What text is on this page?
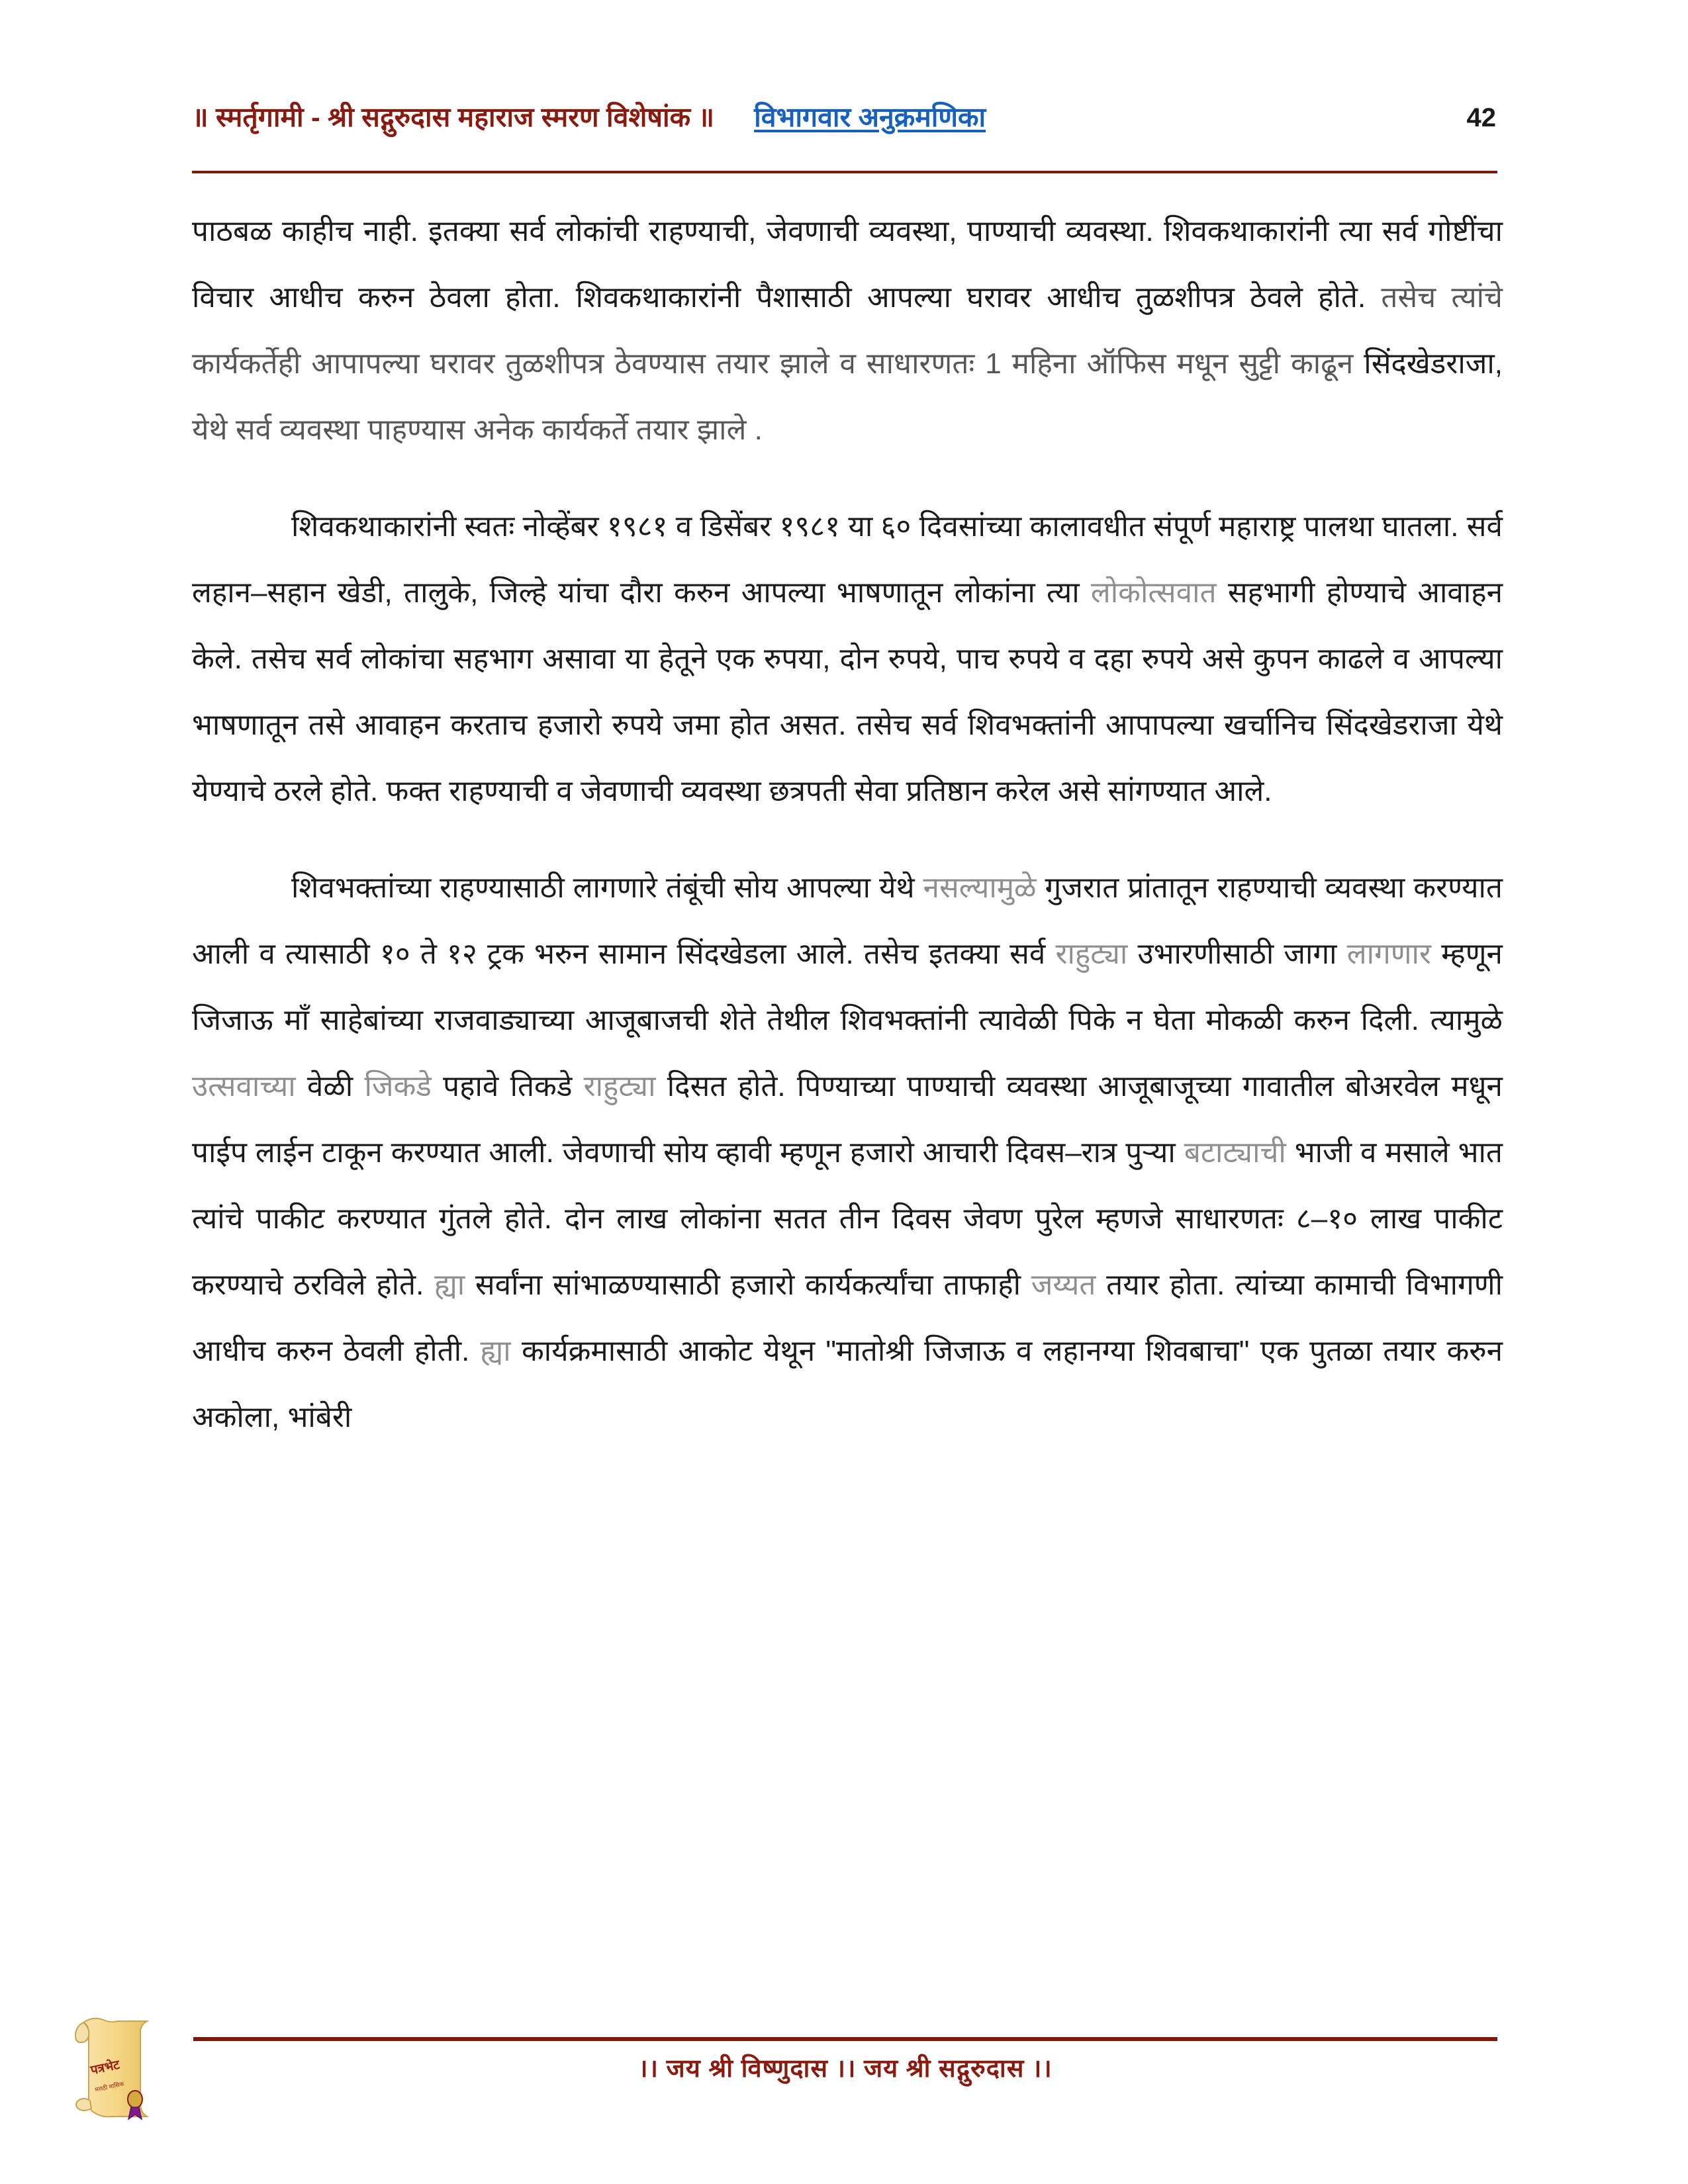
॥ स्मर्तृगामी - श्री सद्गुरुदास महाराज स्मरण विशेषांक ॥ विभागवार अनुक्रमणिका	42

पाठबळ काहीच नाही. इतक्या सर्व लोकांची राहण्याची, जेवणाची व्यवस्था, पाण्याची व्यवस्था. शिवकथाकारांनी त्या सर्व गोष्टींचा विचार आधीच करुन ठेवला होता. शिवकथाकारांनी पैशासाठी आपल्या घरावर आधीच तुळशीपत्र ठेवले होते. तसेच त्यांचे कार्यकर्तेही आपापल्या घरावर तुळशीपत्र ठेवण्यास तयार झाले व साधारणतः 1 महिना ऑफिस मधून सुट्टी काढून सिंदखेडराजा, येथे सर्व व्यवस्था पाहण्यास अनेक कार्यकर्ते तयार झाले .

शिवकथाकारांनी स्वतः नोव्हेंबर १९८१ व डिसेंबर १९८१ या ६० दिवसांच्या कालावधीत संपूर्ण महाराष्ट्र पालथा घातला. सर्व लहान–सहान खेडी, तालुके, जिल्हे यांचा दौरा करुन आपल्या भाषणातून लोकांना त्या लोकोत्सवात सहभागी होण्याचे आवाहन केले. तसेच सर्व लोकांचा सहभाग असावा या हेतूने एक रुपया, दोन रुपये, पाच रुपये व दहा रुपये असे कुपन काढले व आपल्या भाषणातून तसे आवाहन करताच हजारो रुपये जमा होत असत. तसेच सर्व शिवभक्तांनी आपापल्या खर्चानिच सिंदखेडराजा येथे येण्याचे ठरले होते. फक्त राहण्याची व जेवणाची व्यवस्था छत्रपती सेवा प्रतिष्ठान करेल असे सांगण्यात आले.

शिवभक्तांच्या राहण्यासाठी लागणारे तंबूंची सोय आपल्या येथे नसल्यामुळे गुजरात प्रांतातून राहण्याची व्यवस्था करण्यात आली व त्यासाठी १० ते १२ ट्रक भरुन सामान सिंदखेडला आले. तसेच इतक्या सर्व राहुट्या उभारणीसाठी जागा लागणार म्हणून जिजाऊ माँ साहेबांच्या राजवाड्याच्या आजूबाजची शेते तेथील शिवभक्तांनी त्यावेळी पिके न घेता मोकळी करुन दिली. त्यामुळे उत्सवाच्या वेळी जिकडे पहावे तिकडे राहुट्या दिसत होते. पिण्याच्या पाण्याची व्यवस्था आजूबाजूच्या गावातील बोअरवेल मधून पाईप लाईन टाकून करण्यात आली. जेवणाची सोय व्हावी म्हणून हजारो आचारी दिवस–रात्र पुऱ्या बटाट्याची भाजी व मसाले भात त्यांचे पाकीट करण्यात गुंतले होते. दोन लाख लोकांना सतत तीन दिवस जेवण पुरेल म्हणजे साधारणतः ८–१० लाख पाकीट करण्याचे ठरविले होते. ह्या सर्वांना सांभाळण्यासाठी हजारो कार्यकर्त्यांचा ताफाही जय्यत तयार होता. त्यांच्या कामाची विभागणी आधीच करुन ठेवली होती. ह्या कार्यक्रमासाठी आकोट येथून "मातोश्री जिजाऊ व लहानग्या शिवबाचा" एक पुतळा तयार करुन अकोला, भांबेरी

पत्रभेट
मराठी मासिक
।। जय श्री विष्णुदास ।। जय श्री सद्गुरुदास ।।
